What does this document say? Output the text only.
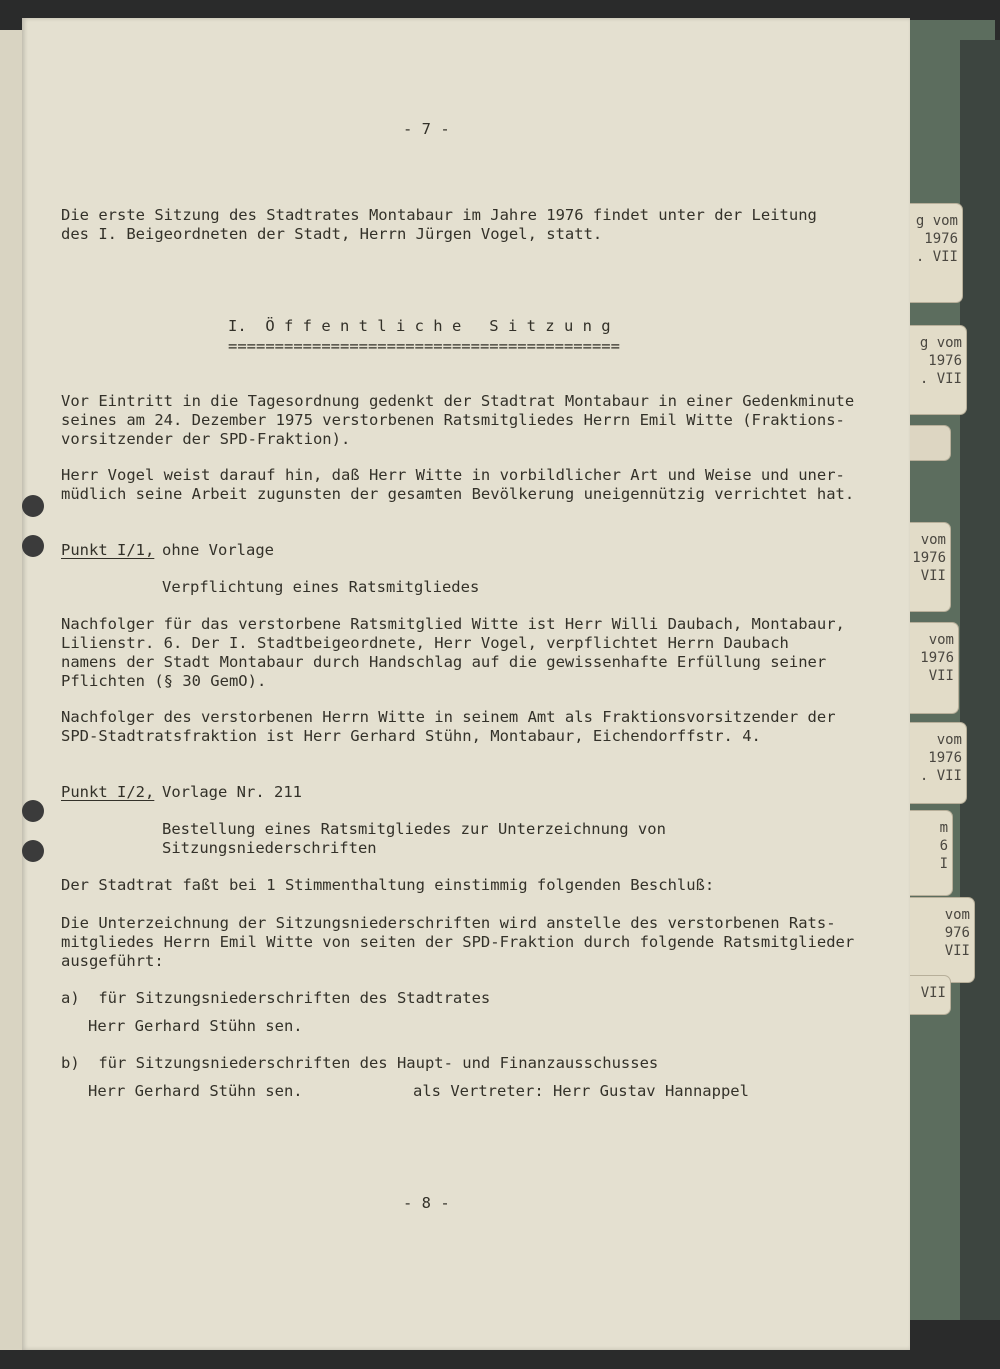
g vom
1976
. VII
g vom
1976
. VII
vom
1976
VII
vom
1976
VII
vom
1976
. VII
m
6
I
vom
976
VII
VII

- 7 -

Die erste Sitzung des Stadtrates Montabaur im Jahre 1976 findet unter der Leitung
des I. Beigeordneten der Stadt, Herrn Jürgen Vogel, statt.

I.  Ö f f e n t l i c h e   S i t z u n g

==========================================

Vor Eintritt in die Tagesordnung gedenkt der Stadtrat Montabaur in einer Gedenkminute
seines am 24. Dezember 1975 verstorbenen Ratsmitgliedes Herrn Emil Witte (Fraktions-
vorsitzender der SPD-Fraktion).

Herr Vogel weist darauf hin, daß Herr Witte in vorbildlicher Art und Weise und uner-
müdlich seine Arbeit zugunsten der gesamten Bevölkerung uneigennützig verrichtet hat.

Punkt I/1, ohne Vorlage

Verpflichtung eines Ratsmitgliedes

Nachfolger für das verstorbene Ratsmitglied Witte ist Herr Willi Daubach, Montabaur,
Lilienstr. 6. Der I. Stadtbeigeordnete, Herr Vogel, verpflichtet Herrn Daubach
namens der Stadt Montabaur durch Handschlag auf die gewissenhafte Erfüllung seiner
Pflichten (§ 30 GemO).

Nachfolger des verstorbenen Herrn Witte in seinem Amt als Fraktionsvorsitzender der
SPD-Stadtratsfraktion ist Herr Gerhard Stühn, Montabaur, Eichendorffstr. 4.

Punkt I/2, Vorlage Nr. 211

Bestellung eines Ratsmitgliedes zur Unterzeichnung von
Sitzungsniederschriften

Der Stadtrat faßt bei 1 Stimmenthaltung einstimmig folgenden Beschluß:

Die Unterzeichnung der Sitzungsniederschriften wird anstelle des verstorbenen Rats-
mitgliedes Herrn Emil Witte von seiten der SPD-Fraktion durch folgende Ratsmitglieder
ausgeführt:

a)  für Sitzungsniederschriften des Stadtrates

Herr Gerhard Stühn sen.

b)  für Sitzungsniederschriften des Haupt- und Finanzausschusses

Herr Gerhard Stühn sen.	als Vertreter: Herr Gustav Hannappel

- 8 -
